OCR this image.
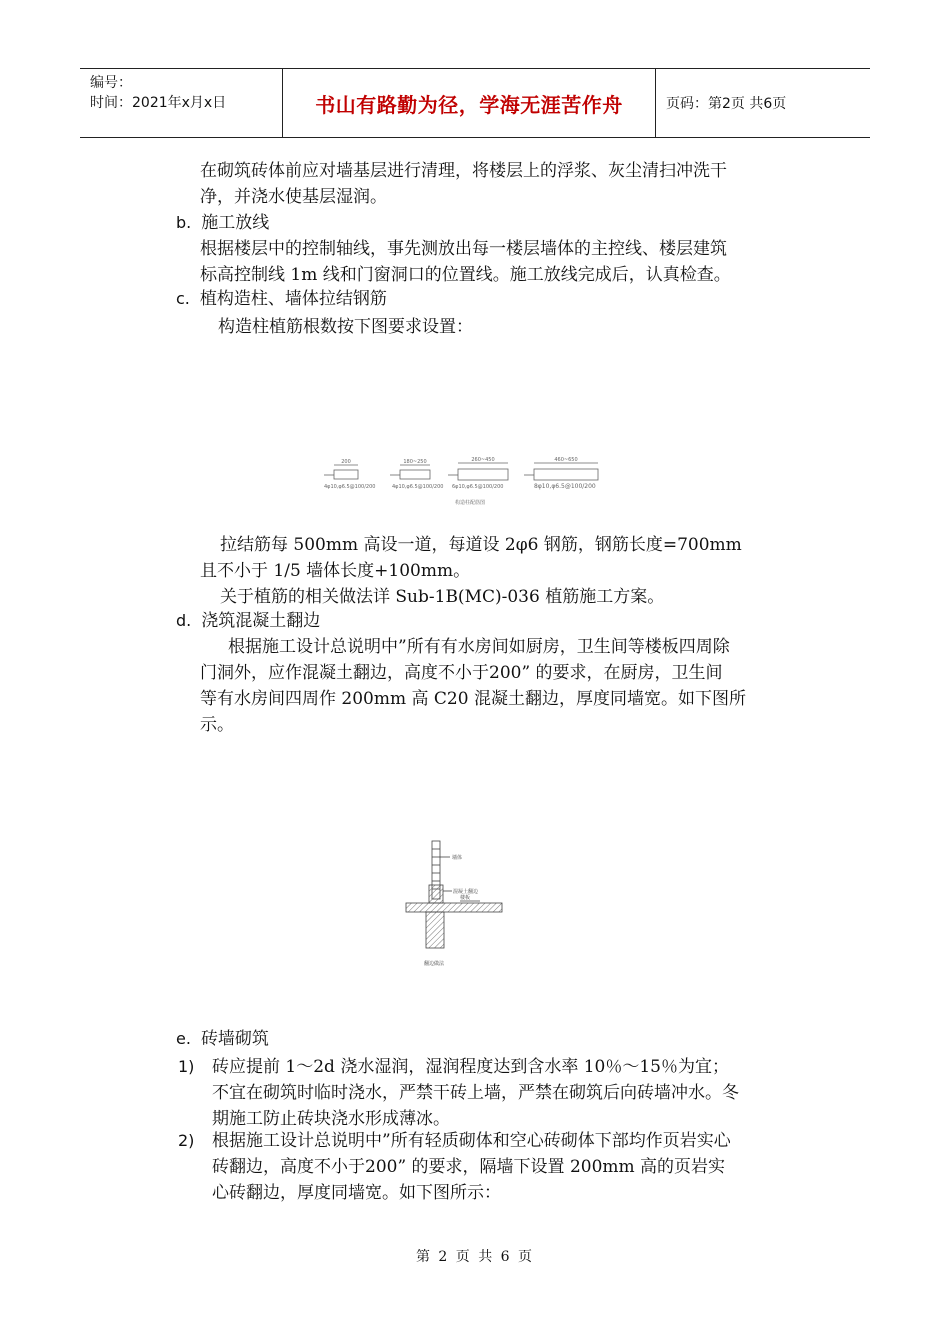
编号：
时间：2021年x月x日	书山有路勤为径，学海无涯苦作舟	页码：第2页 共6页
在砌筑砖体前应对墙基层进行清理，将楼层上的浮浆、灰尘清扫冲洗干
净，并浇水使基层湿润。
b. 施工放线
根据楼层中的控制轴线，事先测放出每一楼层墙体的主控线、楼层建筑
标高控制线 1m 线和门窗洞口的位置线。施工放线完成后，认真检查。
c. 植构造柱、墙体拉结钢筋
构造柱植筋根数按下图要求设置：
200	180~250	260~450	460~650
4φ10,φ6.5@100/200	4φ10,φ6.5@100/200 6φ10,φ6.5@100/200	8φ10,φ6.5@100/200
构造柱配筋图
拉结筋每 500mm 高设一道，每道设 2φ6 钢筋，钢筋长度=700mm
且不小于 1/5 墙体长度+100mm。
关于植筋的相关做法详 Sub-1B(MC)-036 植筋施工方案。
d. 浇筑混凝土翻边
根据施工设计总说明中”所有有水房间如厨房，卫生间等楼板四周除
门洞外，应作混凝土翻边，高度不小于200” 的要求，在厨房，卫生间
等有水房间四周作 200mm 高 C20 混凝土翻边，厚度同墙宽。如下图所
示。
墙体
混凝土翻边
楼板
翻边做法
e. 砖墙砌筑
1) 砖应提前 1～2d 浇水湿润，湿润程度达到含水率 10％～15％为宜；
不宜在砌筑时临时浇水，严禁干砖上墙，严禁在砌筑后向砖墙冲水。冬
期施工防止砖块浇水形成薄冰。
2) 根据施工设计总说明中”所有轻质砌体和空心砖砌体下部均作页岩实心
砖翻边，高度不小于200” 的要求，隔墙下设置 200mm 高的页岩实
心砖翻边，厚度同墙宽。如下图所示：
第 2 页 共 6 页
